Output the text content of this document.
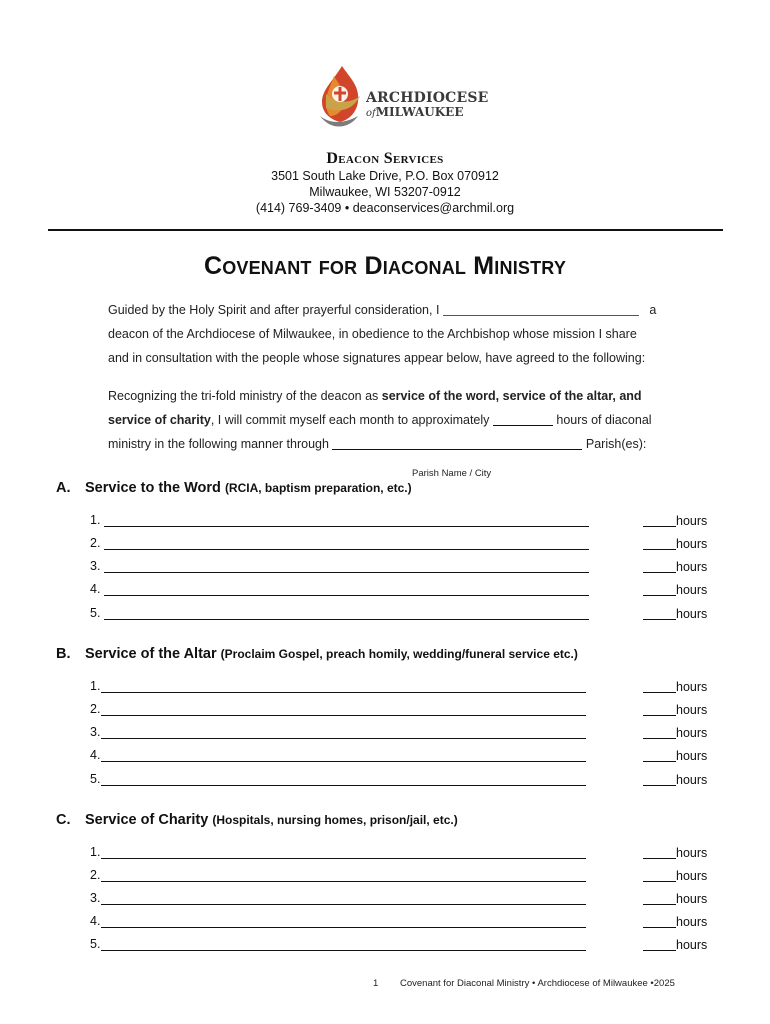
ARCHDIOCESE
ofMILWAUKEE
Deacon Services
3501 South Lake Drive, P.O. Box 070912
Milwaukee, WI 53207-0912
(414) 769-3409 • deaconservices@archmil.org
Covenant for Diaconal Ministry
Guided by the Holy Spirit and after prayerful consideration, I	a
deacon of the Archdiocese of Milwaukee, in obedience to the Archbishop whose mission I share
and in consultation with the people whose signatures appear below, have agreed to the following:
Recognizing the tri-fold ministry of the deacon as service of the word, service of the altar, and
service of charity, I will commit myself each month to approximately	hours of diaconal
ministry in the following manner through	Parish(es):
Parish Name / City
A. Service to the Word (RCIA, baptism preparation, etc.)
1.	hours
2.	hours
3.	hours
4.	hours
5.	hours
B. Service of the Altar (Proclaim Gospel, preach homily, wedding/funeral service etc.)
1.	hours
2.	hours
3.	hours
4.	hours
5.	hours
C. Service of Charity (Hospitals, nursing homes, prison/jail, etc.)
1.	hours
2.	hours
3.	hours
4.	hours
5.	hours
1 Covenant for Diaconal Ministry • Archdiocese of Milwaukee •2025
